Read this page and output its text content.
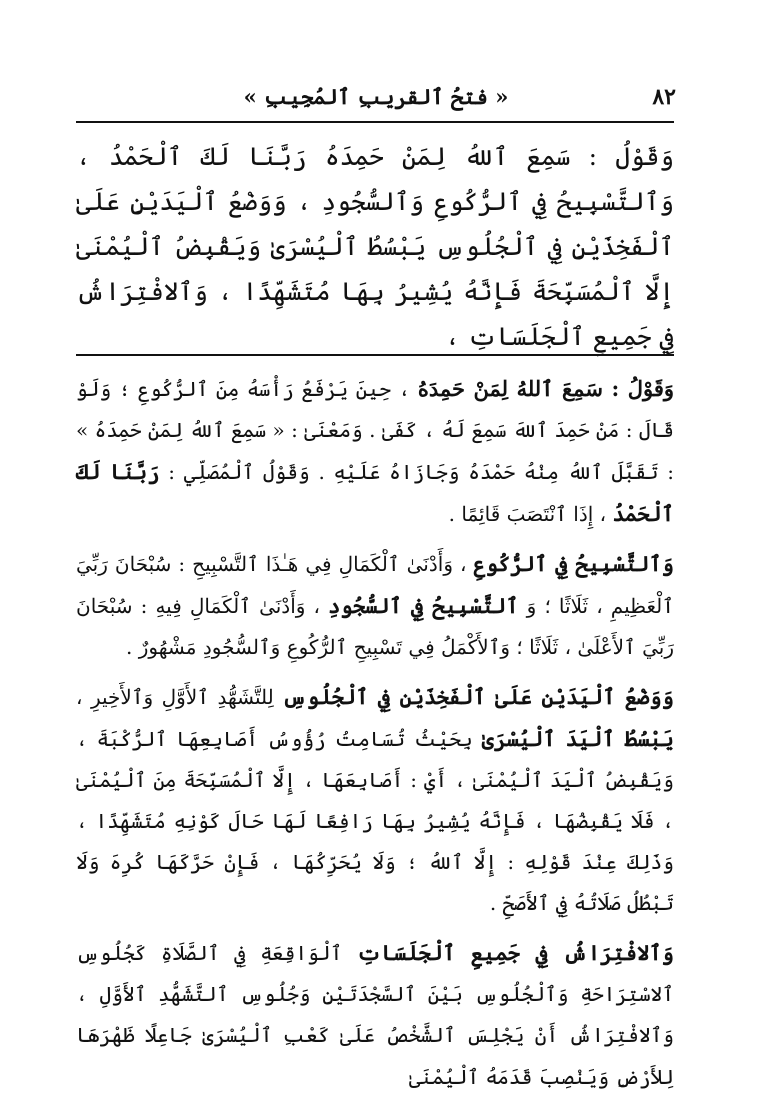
٨٢
« فتحُ ٱلقريبِ ٱلمُجِيبِ »

وَقَوْلُ : سَمِعَ ٱللهُ لِمَنْ حَمِدَهُ رَبَّنَا لَكَ ٱلْحَمْدُ ، وَٱلتَّسْبِيحُ فِي ٱلرُّكُوعِ وَٱلسُّجُودِ ، وَوَضْعُ ٱلْيَدَيْنِ عَلَىٰ ٱلْفَخِذَيْنِ فِي ٱلْجُلُوسِ يَبْسُطُ ٱلْيُسْرَىٰ وَيَقْبِضُ ٱلْيُمْنَىٰ إِلَّا ٱلْمُسَبِّحَةَ فَإِنَّهُ يُشِيرُ بِهَا مُتَشَهِّدًا ، وَٱلافْتِرَاشُ فِي جَمِيعِ ٱلْجَلَسَاتِ ،

وَقَوْلُ : سَمِعَ ٱللهُ لِمَنْ حَمِدَهُ ، حِينَ يَرْفَعُ رَأْسَهُ مِنَ ٱلرُّكُوعِ ؛ وَلَوْ قَالَ : مَنْ حَمِدَ ٱللهَ سَمِعَ لَهُ ، كَفَىٰ . وَمَعْنَىٰ : « سَمِعَ ٱللهُ لِمَنْ حَمِدَهُ » : تَقَبَّلَ ٱللهُ مِنْهُ حَمْدَهُ وَجَازَاهُ عَلَيْهِ . وَقَوْلُ ٱلْمُصَلِّي : رَبَّنَا لَكَ ٱلْحَمْدُ ، إِذَا ٱنْتَصَبَ قَائِمًا .

وَٱلتَّسْبِيحُ فِي ٱلرُّكُوعِ ، وَأَدْنَىٰ ٱلْكَمَالِ فِي هَـٰذَا ٱلتَّسْبِيحِ : سُبْحَانَ رَبِّيَ ٱلْعَظِيمِ ، ثَلَاثًا ؛ وَ ٱلتَّسْبِيحُ فِي ٱلسُّجُودِ ، وَأَدْنَىٰ ٱلْكَمَالِ فِيهِ : سُبْحَانَ رَبِّيَ ٱلأَعْلَىٰ ، ثَلَاثًا ؛ وَٱلأَكْمَلُ فِي تَسْبِيحِ ٱلرُّكُوعِ وَٱلسُّجُودِ مَشْهُورٌ .

وَوَضْعُ ٱلْيَدَيْنِ عَلَىٰ ٱلْفَخِذَيْنِ فِي ٱلْجُلُوسِ لِلتَّشَهُّدِ ٱلأَوَّلِ وَٱلأَخِيرِ ، يَبْسُطُ ٱلْيَدَ ٱلْيُسْرَىٰ بِحَيْثُ تُسَامِتُ رُؤُوسُ أَصَابِعِهَا ٱلرُّكْبَةَ ، وَيَقْبِضُ ٱلْيَدَ ٱلْيُمْنَىٰ ، أَيْ : أَصَابِعَهَا ، إِلَّا ٱلْمُسَبِّحَةَ مِنَ ٱلْيُمْنَىٰ ، فَلَا يَقْبِضُهَا ، فَإِنَّهُ يُشِيرُ بِهَا رَافِعًا لَهَا حَالَ كَوْنِهِ مُتَشَهِّدًا ، وَذَلِكَ عِنْدَ قَوْلِهِ : إِلَّا ٱللهُ ؛ وَلَا يُحَرِّكُهَا ، فَإِنْ حَرَّكَهَا كُرِهَ وَلَا تَبْطُلُ صَلَاتُهُ فِي ٱلأَصَحِّ .

وَٱلافْتِرَاشُ فِي جَمِيعِ ٱلْجَلَسَاتِ ٱلْوَاقِعَةِ فِي ٱلصَّلَاةِ كَجُلُوسِ ٱلاسْتِرَاحَةِ وَٱلْجُلُوسِ بَيْنَ ٱلسَّجْدَتَيْنِ وَجُلُوسِ ٱلتَّشَهُّدِ ٱلأَوَّلِ ، وَٱلافْتِرَاشُ أَنْ يَجْلِسَ ٱلشَّخْصُ عَلَىٰ كَعْبِ ٱلْيُسْرَىٰ جَاعِلًا ظَهْرَهَا لِلأَرْضِ وَيَنْصِبَ قَدَمَهُ ٱلْيُمْنَىٰ
